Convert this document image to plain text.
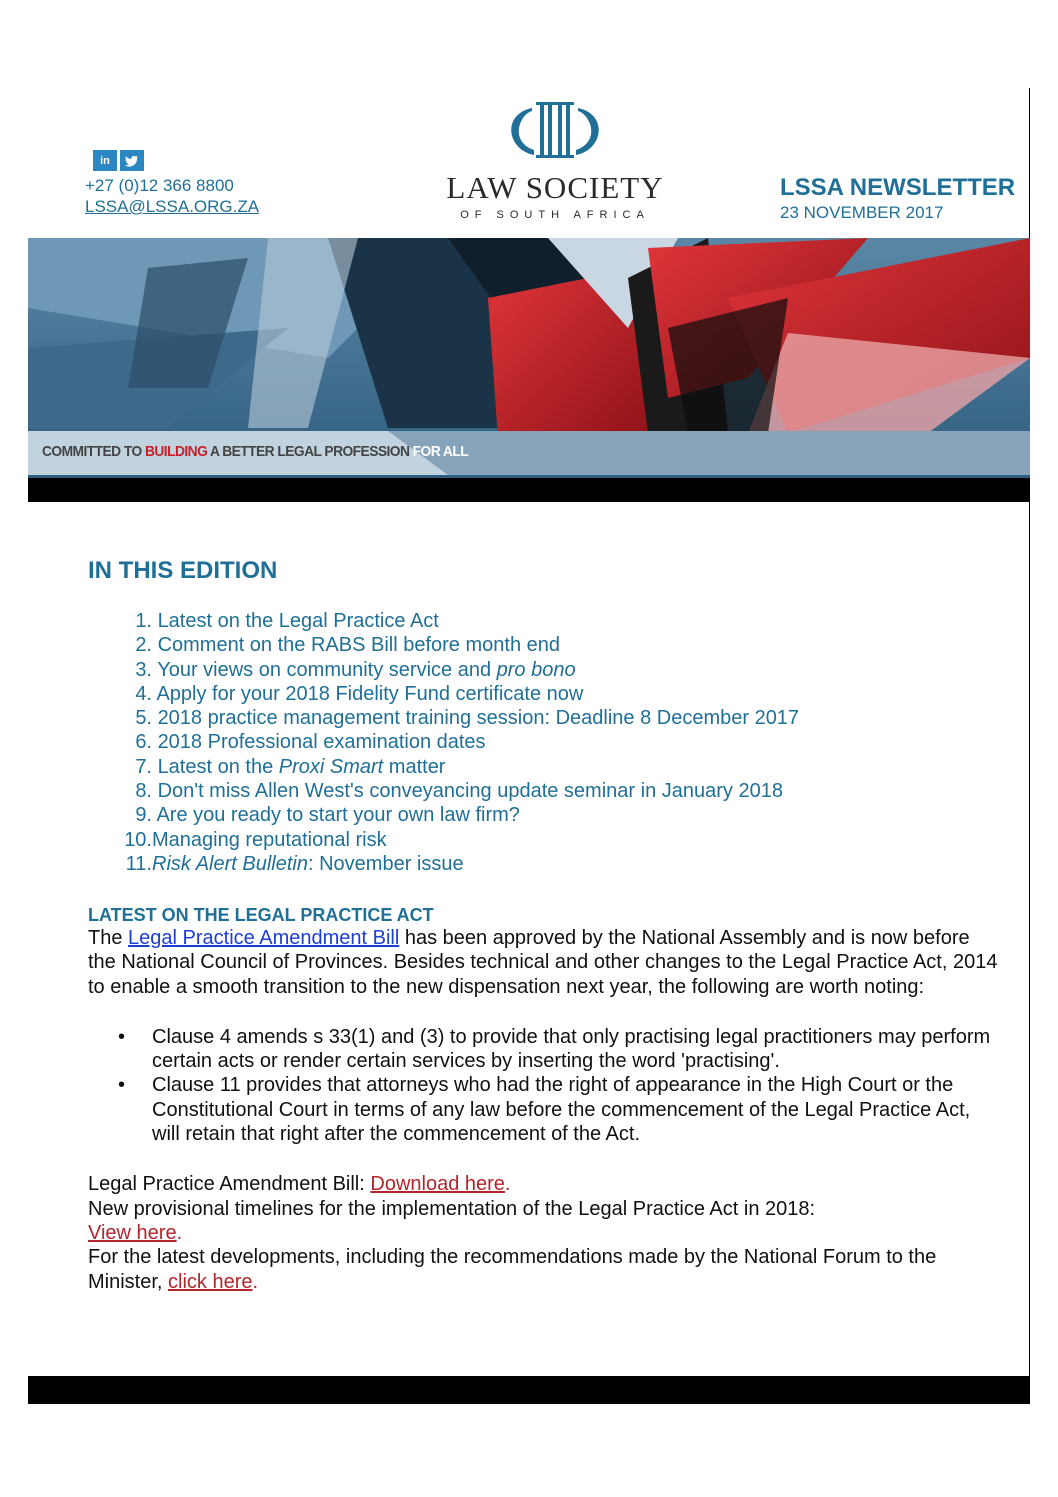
in
+27 (0)12 366 8800
LSSA@LSSA.ORG.ZA
LAW SOCIETY
OF SOUTH AFRICA
LSSA NEWSLETTER
23 NOVEMBER 2017
COMMITTED TO BUILDING A BETTER LEGAL PROFESSION FOR ALL
IN THIS EDITION
1. Latest on the Legal Practice Act
2. Comment on the RABS Bill before month end
3. Your views on community service and pro bono
4. Apply for your 2018 Fidelity Fund certificate now
5. 2018 practice management training session: Deadline 8 December 2017
6. 2018 Professional examination dates
7. Latest on the Proxi Smart matter
8. Don't miss Allen West's conveyancing update seminar in January 2018
9. Are you ready to start your own law firm?
10.Managing reputational risk
11.Risk Alert Bulletin: November issue
LATEST ON THE LEGAL PRACTICE ACT

The Legal Practice Amendment Bill has been approved by the National Assembly and is now before the National Council of Provinces. Besides technical and other changes to the Legal Practice Act, 2014 to enable a smooth transition to the new dispensation next year, the following are worth noting:

• Clause 4 amends s 33(1) and (3) to provide that only practising legal practitioners may perform certain acts or render certain services by inserting the word 'practising'.
• Clause 11 provides that attorneys who had the right of appearance in the High Court or the Constitutional Court in terms of any law before the commencement of the Legal Practice Act, will retain that right after the commencement of the Act.

Legal Practice Amendment Bill: Download here.

New provisional timelines for the implementation of the Legal Practice Act in 2018:
View here.

For the latest developments, including the recommendations made by the National Forum to the Minister, click here.
